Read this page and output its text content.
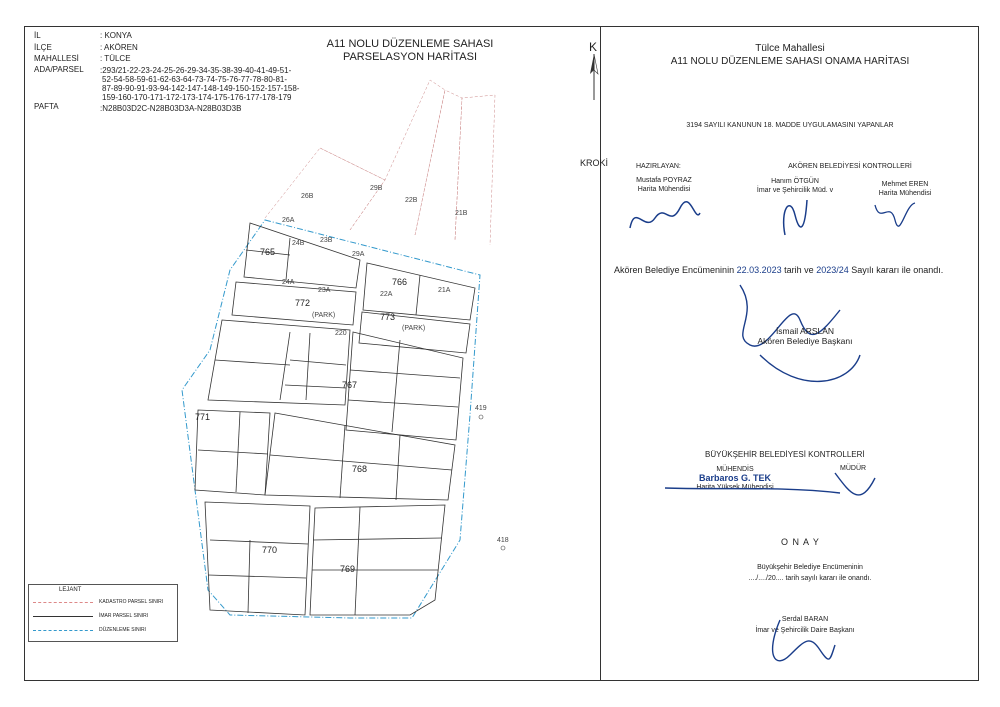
İL	: KONYA
İLÇE	: AKÖREN
MAHALLESİ	: TÜLCE
ADA/PARSEL :293/21-22-23-24-25-26-29-34-35-38-39-40-41-49-51-
52-54-58-59-61-62-63-64-73-74-75-76-77-78-80-81-
87-89-90-91-93-94-142-147-148-149-150-152-157-158-
159-160-170-171-172-173-174-175-176-177-178-179
PAFTA	:N28B03D2C-N28B03D3A-N28B03D3B
A11 NOLU DÜZENLEME SAHASI
PARSELASYON HARİTASI
K
KROKİ
765
766
772
773
767
771
768
770
769
(PARK)
(PARK)
220
419
418
26B
29B
22B
21B
26A
24B 23B
29A
24A
23A
22A
21A
LEJANT
KADASTRO PARSEL SINIRI
İMAR PARSEL SINIRI
DÜZENLEME SINIRI
Tülce Mahallesi
A11 NOLU DÜZENLEME SAHASI ONAMA HARİTASI
3194 SAYILI KANUNUN 18. MADDE UYGULAMASINI YAPANLAR
HAZIRLAYAN:
Mustafa POYRAZ
Harita Mühendisi
AKÖREN BELEDİYESİ KONTROLLERİ
Hanım ÖTGÜN
İmar ve Şehircilik Müd. v
Mehmet EREN
Harita Mühendisi
Akören Belediye Encümeninin 22.03.2023 tarih ve 2023/24 Sayılı kararı ile onandı.
İsmail ARSLAN
Akören Belediye Başkanı
BÜYÜKŞEHİR BELEDİYESİ KONTROLLERİ
MÜHENDİS
Barbaros G. TEK
Harita Yüksek Mühendisi
MÜDÜR
O N A Y
Büyükşehir Belediye Encümeninin
..../..../20.... tarih sayılı kararı ile onandı.
Serdal BARAN
İmar ve Şehircilik Daire Başkanı
